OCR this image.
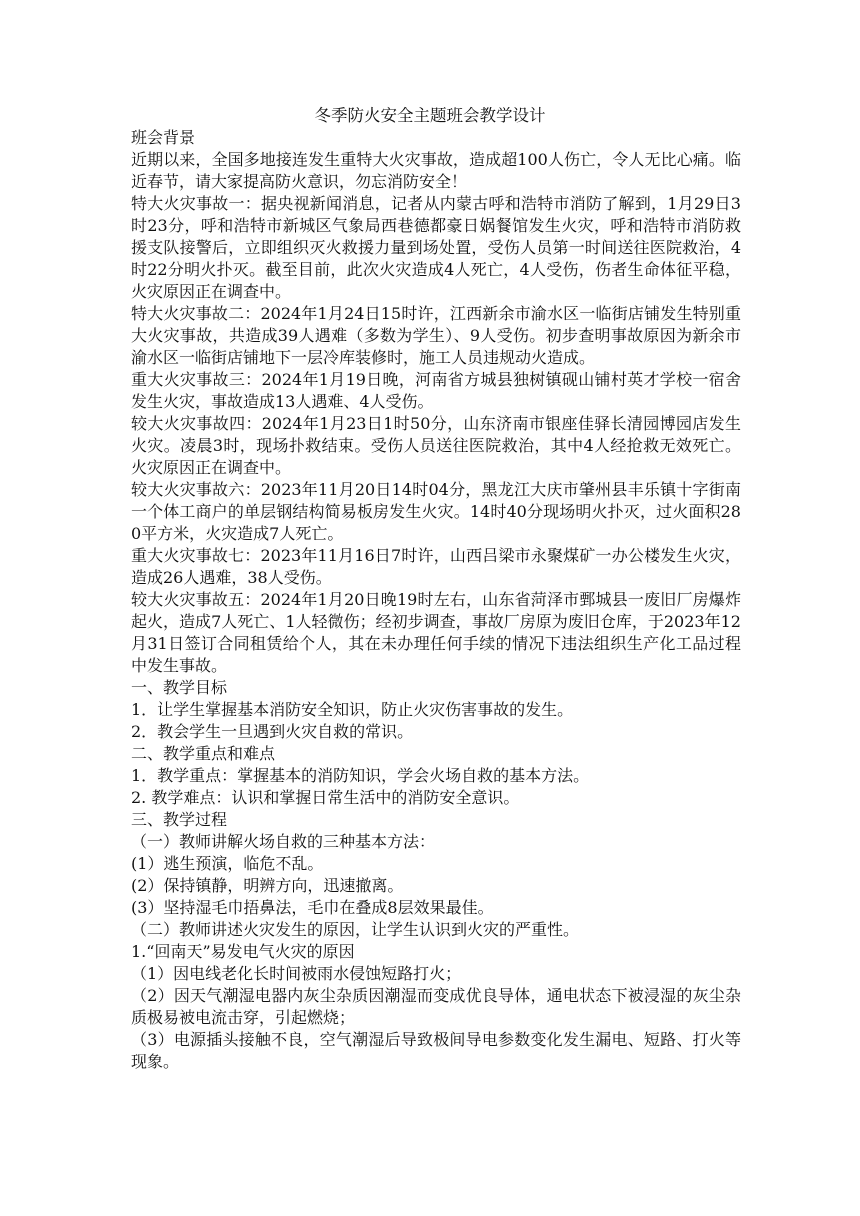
冬季防火安全主题班会教学设计

班会背景

近期以来，全国多地接连发生重特大火灾事故，造成超100人伤亡，令人无比心痛。临近春节，请大家提高防火意识，勿忘消防安全！

特大火灾事故一：据央视新闻消息，记者从内蒙古呼和浩特市消防了解到，1月29日3时23分，呼和浩特市新城区气象局西巷德都豪日娲餐馆发生火灾，呼和浩特市消防救援支队接警后，立即组织灭火救援力量到场处置，受伤人员第一时间送往医院救治，4时22分明火扑灭。截至目前，此次火灾造成4人死亡，4人受伤，伤者生命体征平稳，火灾原因正在调查中。

特大火灾事故二：2024年1月24日15时许，江西新余市渝水区一临街店铺发生特别重大火灾事故，共造成39人遇难（多数为学生）、9人受伤。初步查明事故原因为新余市渝水区一临街店铺地下一层冷库装修时，施工人员违规动火造成。

重大火灾事故三：2024年1月19日晚，河南省方城县独树镇砚山铺村英才学校一宿舍发生火灾，事故造成13人遇难、4人受伤。

较大火灾事故四：2024年1月23日1时50分，山东济南市银座佳驿长清园博园店发生火灾。凌晨3时，现场扑救结束。受伤人员送往医院救治，其中4人经抢救无效死亡。火灾原因正在调查中。

较大火灾事故六：2023年11月20日14时04分，黑龙江大庆市肇州县丰乐镇十字街南一个体工商户的单层钢结构简易板房发生火灾。14时40分现场明火扑灭，过火面积280平方米，火灾造成7人死亡。

重大火灾事故七：2023年11月16日7时许，山西吕梁市永聚煤矿一办公楼发生火灾，造成26人遇难，38人受伤。

较大火灾事故五：2024年1月20日晚19时左右，山东省菏泽市鄄城县一废旧厂房爆炸起火，造成7人死亡、1人轻微伤；经初步调查，事故厂房原为废旧仓库，于2023年12月31日签订合同租赁给个人，其在未办理任何手续的情况下违法组织生产化工品过程中发生事故。

一、教学目标

1．让学生掌握基本消防安全知识，防止火灾伤害事故的发生。

2．教会学生一旦遇到火灾自救的常识。

二、教学重点和难点

1．教学重点：掌握基本的消防知识，学会火场自救的基本方法。

2. 教学难点：认识和掌握日常生活中的消防安全意识。

三、教学过程

（一）教师讲解火场自救的三种基本方法：

(1）逃生预演，临危不乱。

(2）保持镇静，明辨方向，迅速撤离。

(3）坚持湿毛巾捂鼻法，毛巾在叠成8层效果最佳。

（二）教师讲述火灾发生的原因，让学生认识到火灾的严重性。

1.“回南天”易发电气火灾的原因

（1）因电线老化长时间被雨水侵蚀短路打火；

（2）因天气潮湿电器内灰尘杂质因潮湿而变成优良导体，通电状态下被浸湿的灰尘杂质极易被电流击穿，引起燃烧；

（3）电源插头接触不良，空气潮湿后导致极间导电参数变化发生漏电、短路、打火等现象。
